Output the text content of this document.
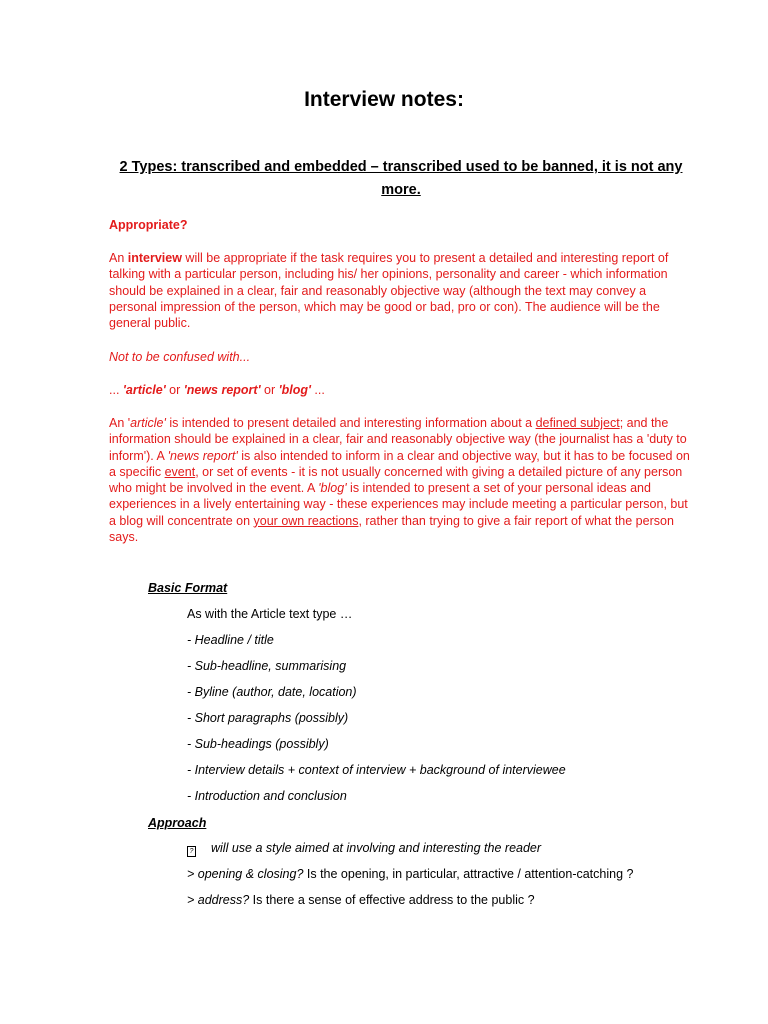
Interview notes:
2 Types: transcribed and embedded – transcribed used to be banned, it is not any more.
Appropriate?
An interview will be appropriate if the task requires you to present a detailed and interesting report of talking with a particular person, including his/ her opinions, personality and career - which information should be explained in a clear, fair and reasonably objective way (although the text may convey a personal impression of the person, which may be good or bad, pro or con). The audience will be the general public.
Not to be confused with...
... 'article' or 'news report' or 'blog' ...
An 'article' is intended to present detailed and interesting information about a defined subject; and the information should be explained in a clear, fair and reasonably objective way (the journalist has a 'duty to inform'). A 'news report' is also intended to inform in a clear and objective way, but it has to be focused on a specific event, or set of events - it is not usually concerned with giving a detailed picture of any person who might be involved in the event. A 'blog' is intended to present a set of your personal ideas and experiences in a lively entertaining way - these experiences may include meeting a particular person, but a blog will concentrate on your own reactions, rather than trying to give a fair report of what the person says.
Basic Format
As with the Article text type …
- Headline / title
- Sub-headline, summarising
- Byline (author, date, location)
- Short paragraphs (possibly)
- Sub-headings (possibly)
- Interview details + context of interview + background of interviewee
- Introduction and conclusion
Approach
? will use a style aimed at involving and interesting the reader
> opening & closing? Is the opening, in particular, attractive / attention-catching ?
> address? Is there a sense of effective address to the public ?
